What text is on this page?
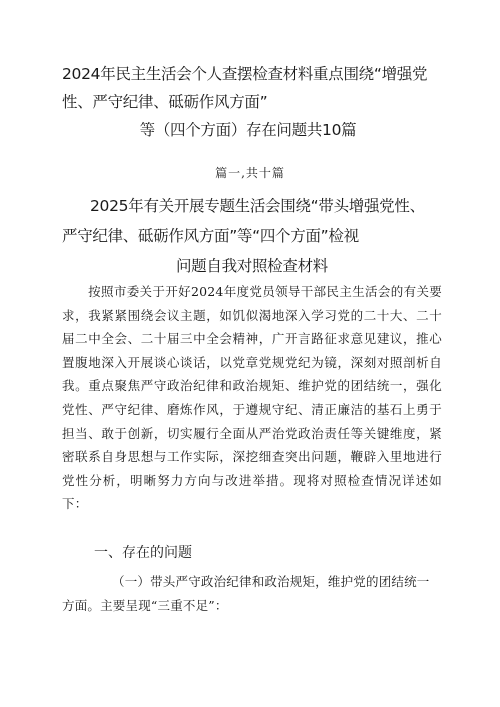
2024年民主生活会个人查摆检查材料重点围绕“增强党性、严守纪律、砥砺作风方面”
等（四个方面）存在问题共10篇
篇一,共十篇
2025年有关开展专题生活会围绕“带头增强党性、
严守纪律、砥砺作风方面”等“四个方面”检视
问题自我对照检查材料

按照市委关于开好2024年度党员领导干部民主生活会的有关要求，我紧紧围绕会议主题，如饥似渴地深入学习党的二十大、二十届二中全会、二十届三中全会精神，广开言路征求意见建议，推心置腹地深入开展谈心谈话，以党章党规党纪为镜，深刻对照剖析自我。重点聚焦严守政治纪律和政治规矩、维护党的团结统一，强化党性、严守纪律、磨炼作风，于遵规守纪、清正廉洁的基石上勇于担当、敢于创新，切实履行全面从严治党政治责任等关键维度，紧密联系自身思想与工作实际，深挖细查突出问题，鞭辟入里地进行党性分析，明晰努力方向与改进举措。现将对照检查情况详述如下：

一、存在的问题

（一）带头严守政治纪律和政治规矩，维护党的团结统一方面。主要呈现“三重不足”：
